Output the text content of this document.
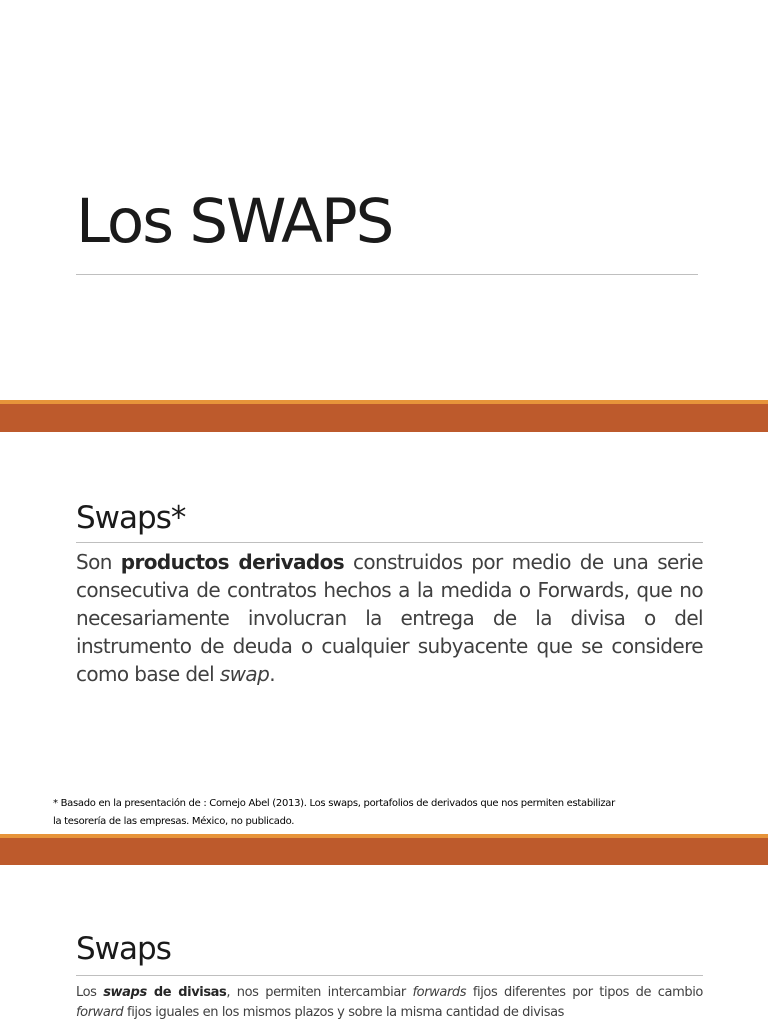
Los SWAPS
Swaps*
Son productos derivados construidos por medio de una serie consecutiva de contratos hechos a la medida o Forwards, que no necesariamente involucran la entrega de la divisa o del instrumento de deuda o cualquier subyacente que se considere como base del swap.
* Basado en la presentación de : Cornejo Abel (2013). Los swaps, portafolios de derivados que nos permiten estabilizar
la tesorería de las empresas. México, no publicado.
Swaps
Los swaps de divisas, nos permiten intercambiar forwards fijos diferentes por tipos de cambio forward fijos iguales en los mismos plazos y sobre la misma cantidad de divisas
